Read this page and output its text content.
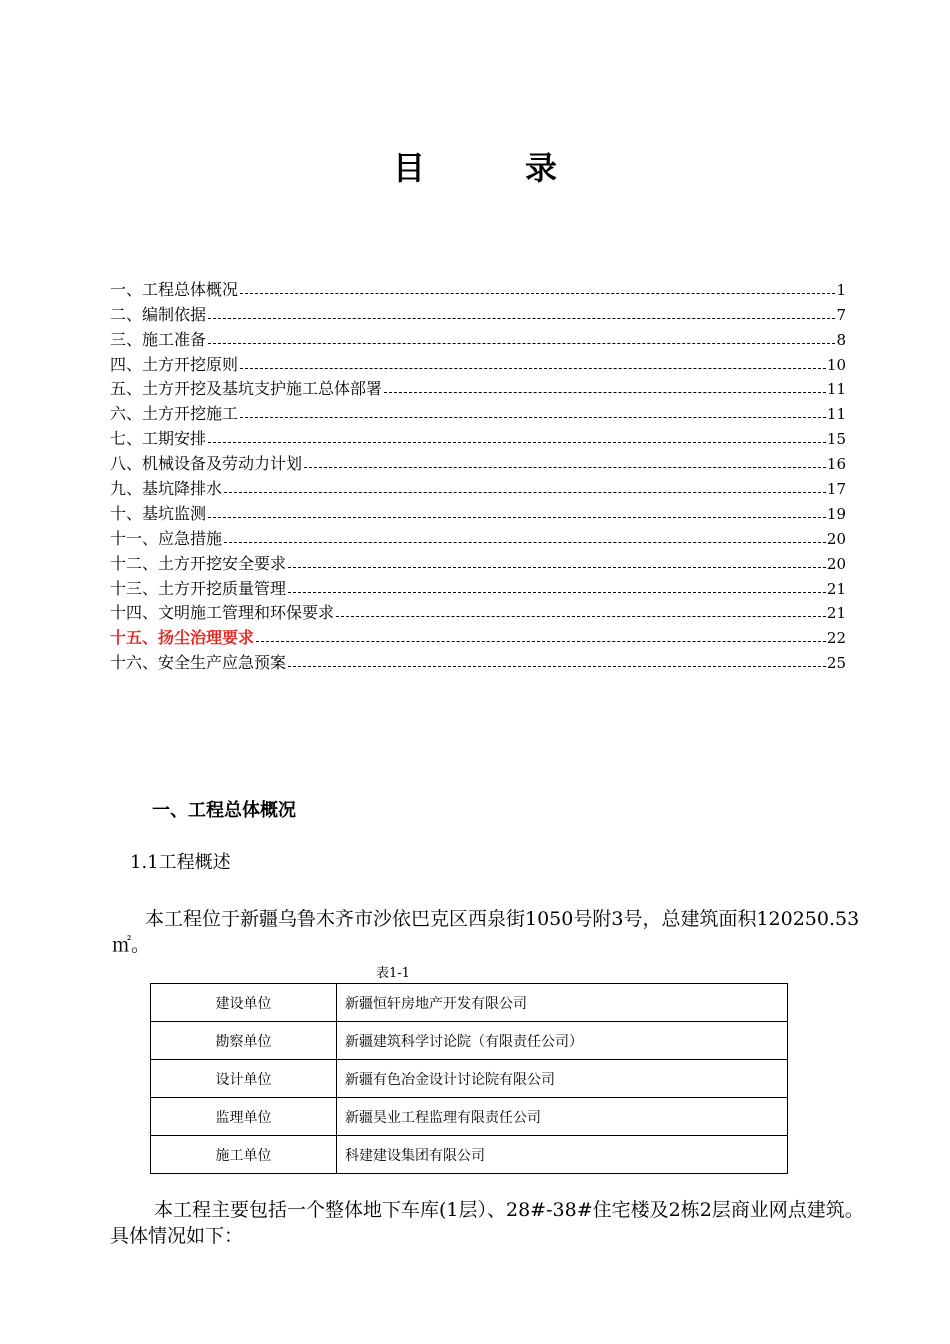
目　录
一、工程总体概况	1
二、编制依据	7
三、施工准备	8
四、土方开挖原则	10
五、土方开挖及基坑支护施工总体部署	11
六、土方开挖施工	11
七、工期安排	15
八、机械设备及劳动力计划	16
九、基坑降排水	17
十、基坑监测	19
十一、应急措施	20
十二、土方开挖安全要求	20
十三、土方开挖质量管理	21
十四、文明施工管理和环保要求	21
十五、扬尘治理要求	22
十六、安全生产应急预案	25
一、工程总体概况
1.1工程概述
本工程位于新疆乌鲁木齐市沙依巴克区西泉街1050号附3号，总建筑面积120250.53㎡。
表1-1
建设单位	新疆恒轩房地产开发有限公司
勘察单位	新疆建筑科学讨论院（有限责任公司）
设计单位	新疆有色冶金设计讨论院有限公司
监理单位	新疆昊业工程监理有限责任公司
施工单位	科建建设集团有限公司
本工程主要包括一个整体地下车库(1层）、28#-38#住宅楼及2栋2层商业网点建筑。具体情况如下：
